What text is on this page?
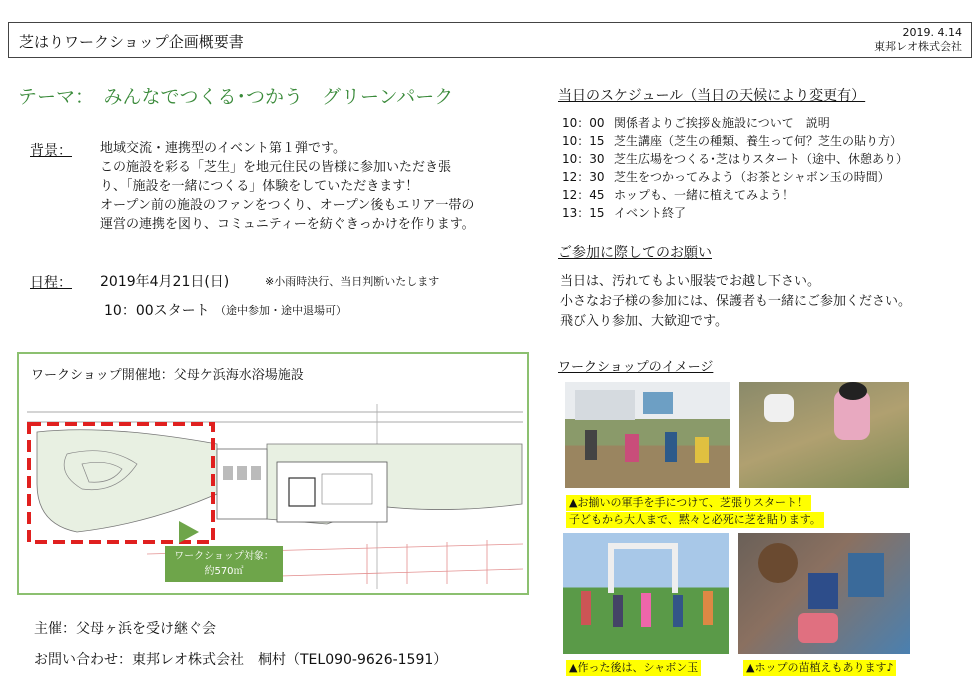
芝はりワークショップ企画概要書
2019. 4.14
東邦レオ株式会社
テーマ：　みんなでつくる･つかう　グリーンパーク
背景： 地域交流・連携型のイベント第１弾です。
この施設を彩る「芝生」を地元住民の皆様に参加いただき張
り、「施設を一緒につくる」体験をしていただきます！
オープン前の施設のファンをつくり、オープン後もエリア一帯の
運営の連携を図り、コミュニティーを紡ぐきっかけを作ります。
日程： 2019年4月21日(日)	※小雨時決行、当日判断いたします
10：00スタート （途中参加・途中退場可）
ワークショップ開催地：父母ケ浜海水浴場施設
ワークショップ対象：
約570㎡
主催：父母ヶ浜を受け継ぐ会
お問い合わせ：東邦レオ株式会社　桐村（TEL090-9626-1591）
当日のスケジュール（当日の天候により変更有）
10：00 関係者よりご挨拶＆施設について　説明
10：15 芝生講座（芝生の種類、養生って何？芝生の貼り方）
10：30 芝生広場をつくる･芝はりスタート（途中、休憩あり）
12：30 芝生をつかってみよう（お茶とシャボン玉の時間）
12：45 ホップも、一緒に植えてみよう！
13：15 イベント終了
ご参加に際してのお願い
当日は、汚れてもよい服装でお越し下さい。
小さなお子様の参加には、保護者も一緒にご参加ください。
飛び入り参加、大歓迎です。
ワークショップのイメージ
▲お揃いの軍手を手につけて、芝張りスタート！
子どもから大人まで、黙々と必死に芝を貼ります。
▲作った後は、シャボン玉	▲ホップの苗植えもあります♪
